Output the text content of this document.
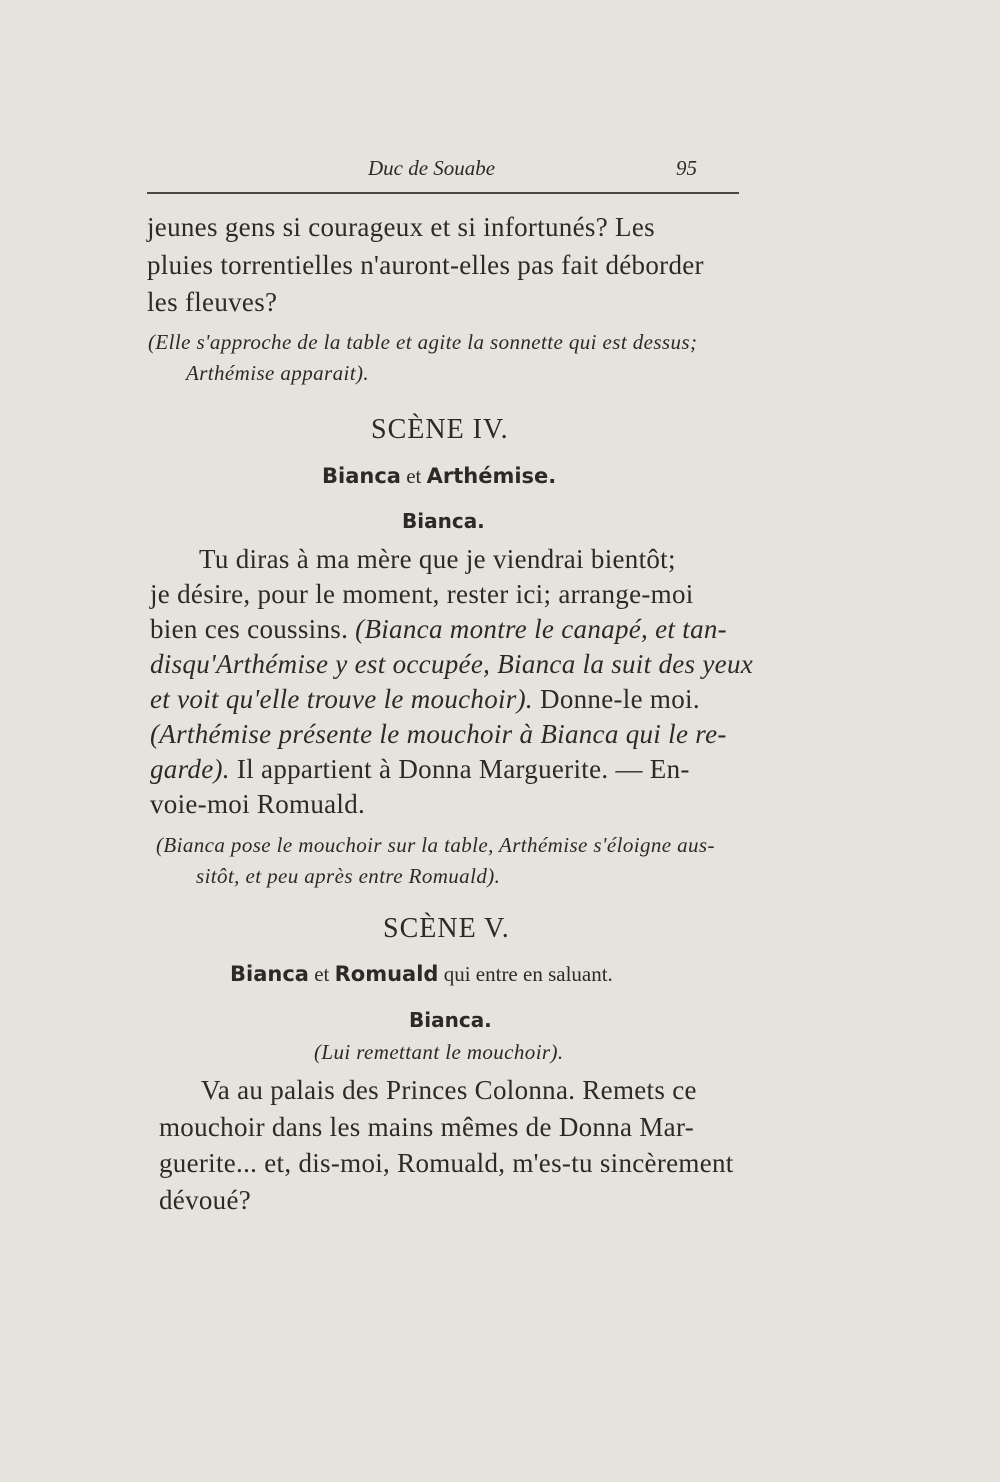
Duc de Souabe	95
jeunes gens si courageux et si infortunés? Les
pluies torrentielles n'auront-elles pas fait déborder
les fleuves?
(Elle s'approche de la table et agite la sonnette qui est dessus;
Arthémise apparait).
SCÈNE IV.
Bianca et Arthémise.
Bianca.
Tu diras à ma mère que je viendrai bientôt;
je désire, pour le moment, rester ici; arrange-moi
bien ces coussins. (Bianca montre le canapé, et tan-
disqu'Arthémise y est occupée, Bianca la suit des yeux
et voit qu'elle trouve le mouchoir). Donne-le moi.
(Arthémise présente le mouchoir à Bianca qui le re-
garde). Il appartient à Donna Marguerite. — En-
voie-moi Romuald.
(Bianca pose le mouchoir sur la table, Arthémise s'éloigne aus-
sitôt, et peu après entre Romuald).
SCÈNE V.
Bianca et Romuald qui entre en saluant.
Bianca.
(Lui remettant le mouchoir).
Va au palais des Princes Colonna. Remets ce
mouchoir dans les mains mêmes de Donna Mar-
guerite... et, dis-moi, Romuald, m'es-tu sincèrement
dévoué?
